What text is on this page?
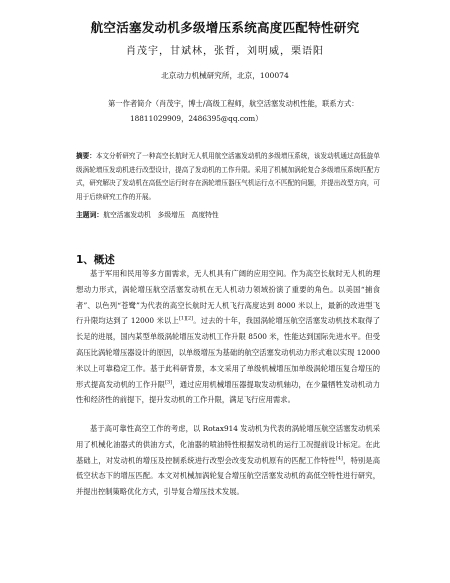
航空活塞发动机多级增压系统高度匹配特性研究
肖茂宇，甘斌林，张哲，刘明威，栗语阳
北京动力机械研究所，北京，100074
第一作者简介（肖茂宇，博士/高级工程师，航空活塞发动机性能，联系方式：
18811029909，2486395@qq.com）
摘要：本文分析研究了一种高空长航时无人机用航空活塞发动机的多级增压系统，该发动机通过高低旋单级涡轮增压发动机进行改型设计，提高了发动机的工作升限。采用了机械加涡轮复合多级增压系统匹配方式，研究解决了发动机在高低空运行时存在涡轮增压器压气机运行点不匹配的问题，并提出改型方向，可用于后续研究工作的开展。
主题词：航空活塞发动机　多级增压　高度特性
1、概述

基于军用和民用等多方面需求，无人机具有广阔的应用空间。作为高空长航时无人机的理想动力形式，涡轮增压航空活塞发动机在无人机动力领域扮演了重要的角色。以美国“捕食者”、以色列“苍鹭”为代表的高空长航时无人机飞行高度达到 8000 米以上，最新的改进型飞行升限均达到了 12000 米以上[1][2]。过去的十年，我国涡轮增压航空活塞发动机技术取得了长足的进展，国内某型单级涡轮增压发动机工作升限 8500 米，性能达到国际先进水平。但受高压比涡轮增压器设计的原因，以单级增压为基础的航空活塞发动机动力形式难以实现 12000 米以上可靠稳定工作。基于此科研背景，本文采用了单级机械增压加单级涡轮增压复合增压的形式提高发动机的工作升限[3]，通过应用机械增压器提取发动机轴功，在少量牺牲发动机动力性和经济性的前提下，提升发动机的工作升限，满足飞行应用需求。

基于高可靠性高空工作的考虑，以 Rotax914 发动机为代表的涡轮增压航空活塞发动机采用了机械化油器式的供油方式，化油器的喷油特性根据发动机的运行工况提前设计标定。在此基础上，对发动机的增压及控制系统进行改型会改变发动机原有的匹配工作特性[4]，特别是高低空状态下的增压匹配。本文对机械加涡轮复合增压航空活塞发动机的高低空特性进行研究，并提出控制策略优化方式，引导复合增压技术发展。
